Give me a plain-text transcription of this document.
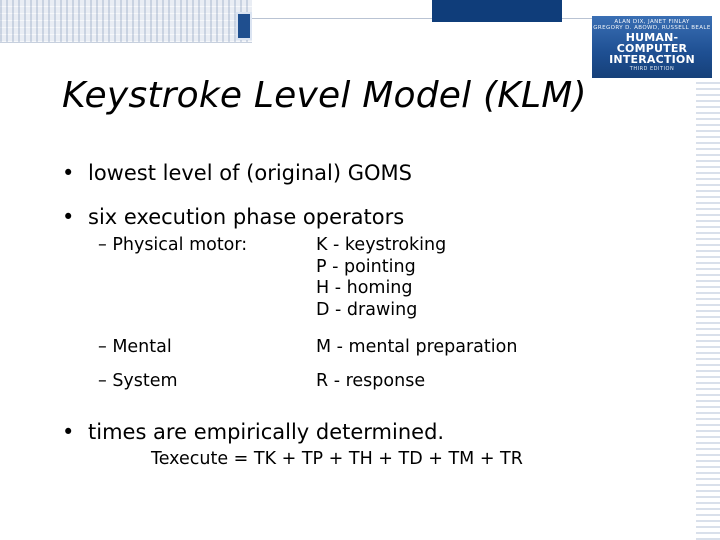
ALAN DIX, JANET FINLAY
GREGORY D. ABOWD, RUSSELL BEALE
HUMAN-COMPUTER
INTERACTION
THIRD EDITION
Keystroke Level Model (KLM)
• lowest level of (original) GOMS
• six execution phase operators
– Physical motor:	K - keystroking
P - pointing
H - homing
D - drawing
– Mental	M - mental preparation
– System	R - response
• times are empirically determined.
Texecute = TK + TP + TH + TD + TM + TR
